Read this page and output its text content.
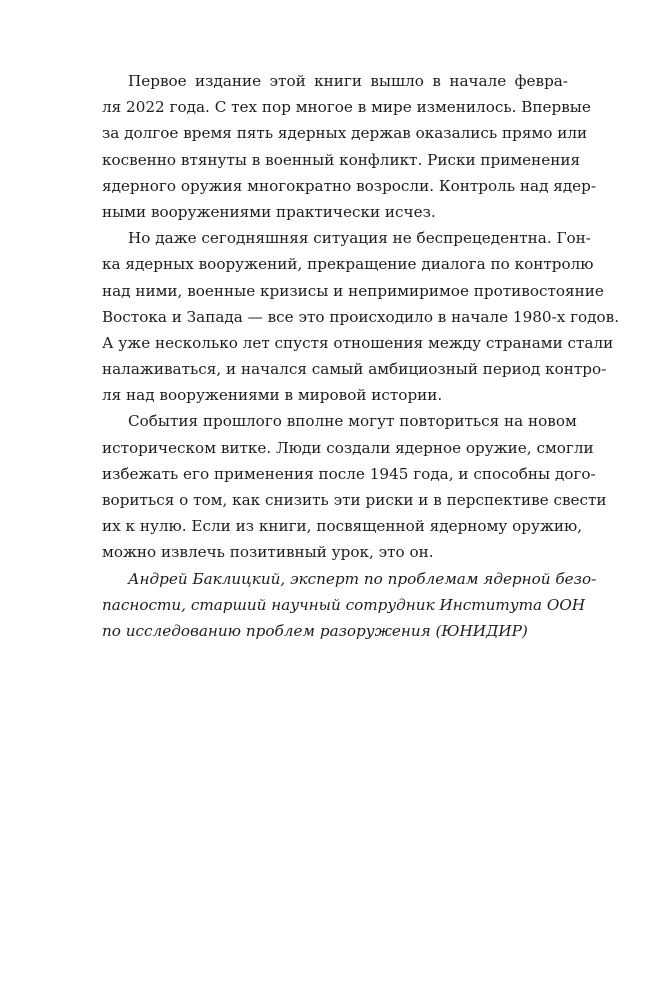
Первое издание этой книги вышло в начале февра-
ля 2022 года. С тех пор многое в мире изменилось. Впервые
за долгое время пять ядерных держав оказались прямо или
косвенно втянуты в военный конфликт. Риски применения
ядерного оружия многократно возросли. Контроль над ядер-
ными вооружениями практически исчез.
Но даже сегодняшняя ситуация не беспрецедентна. Гон-
ка ядерных вооружений, прекращение диалога по контролю
над ними, военные кризисы и непримиримое противостояние
Востока и Запада — все это происходило в начале 1980-х годов.
А уже несколько лет спустя отношения между странами стали
налаживаться, и начался самый амбициозный период контро-
ля над вооружениями в мировой истории.
События прошлого вполне могут повториться на новом
историческом витке. Люди создали ядерное оружие, смогли
избежать его применения после 1945 года, и способны дого-
вориться о том, как снизить эти риски и в перспективе свести
их к нулю. Если из книги, посвященной ядерному оружию,
можно извлечь позитивный урок, это он.
Андрей Баклицкий, эксперт по проблемам ядерной безо-
пасности, старший научный сотрудник Института ООН
по исследованию проблем разоружения (ЮНИДИР)
